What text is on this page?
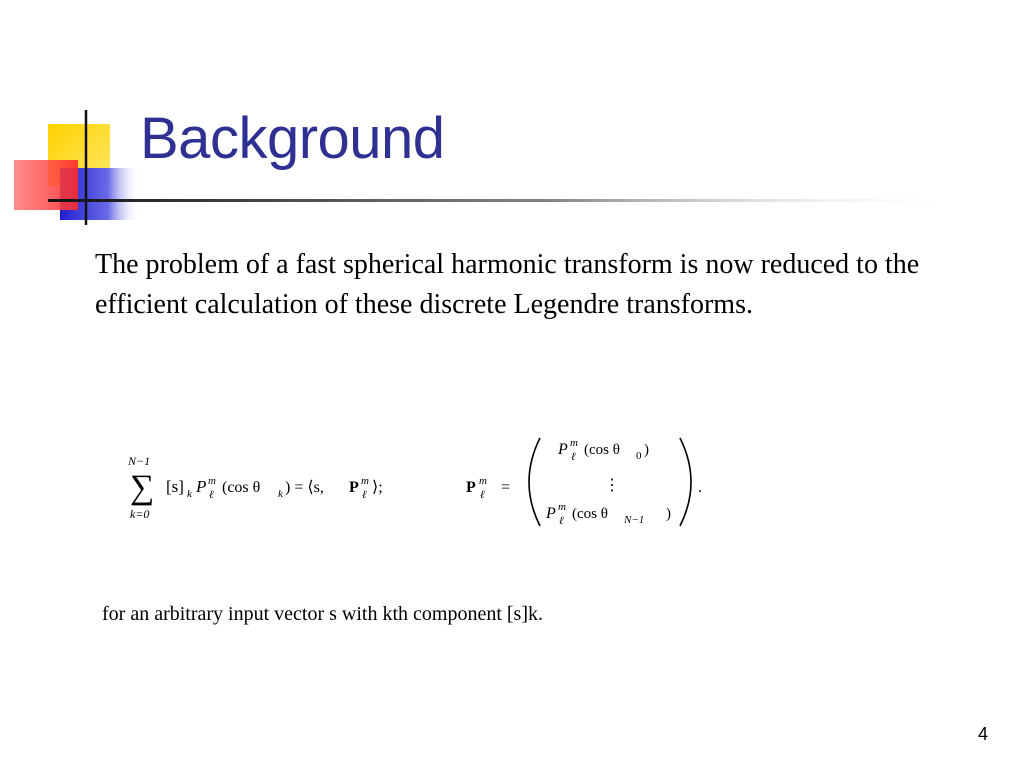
Background

The problem of a fast spherical harmonic transform is now reduced to the efficient calculation of these discrete Legendre transforms.

N−1
∑
k=0
[s] k P m
ℓ (cos θ k ) = ⟨s, P m
ℓ ⟩;	P m
ℓ =
P m
ℓ (cos θ 0 )
⋮
P m
ℓ (cos θ N−1 )
.

for an arbitrary input vector s with kth component [s]k.

4
